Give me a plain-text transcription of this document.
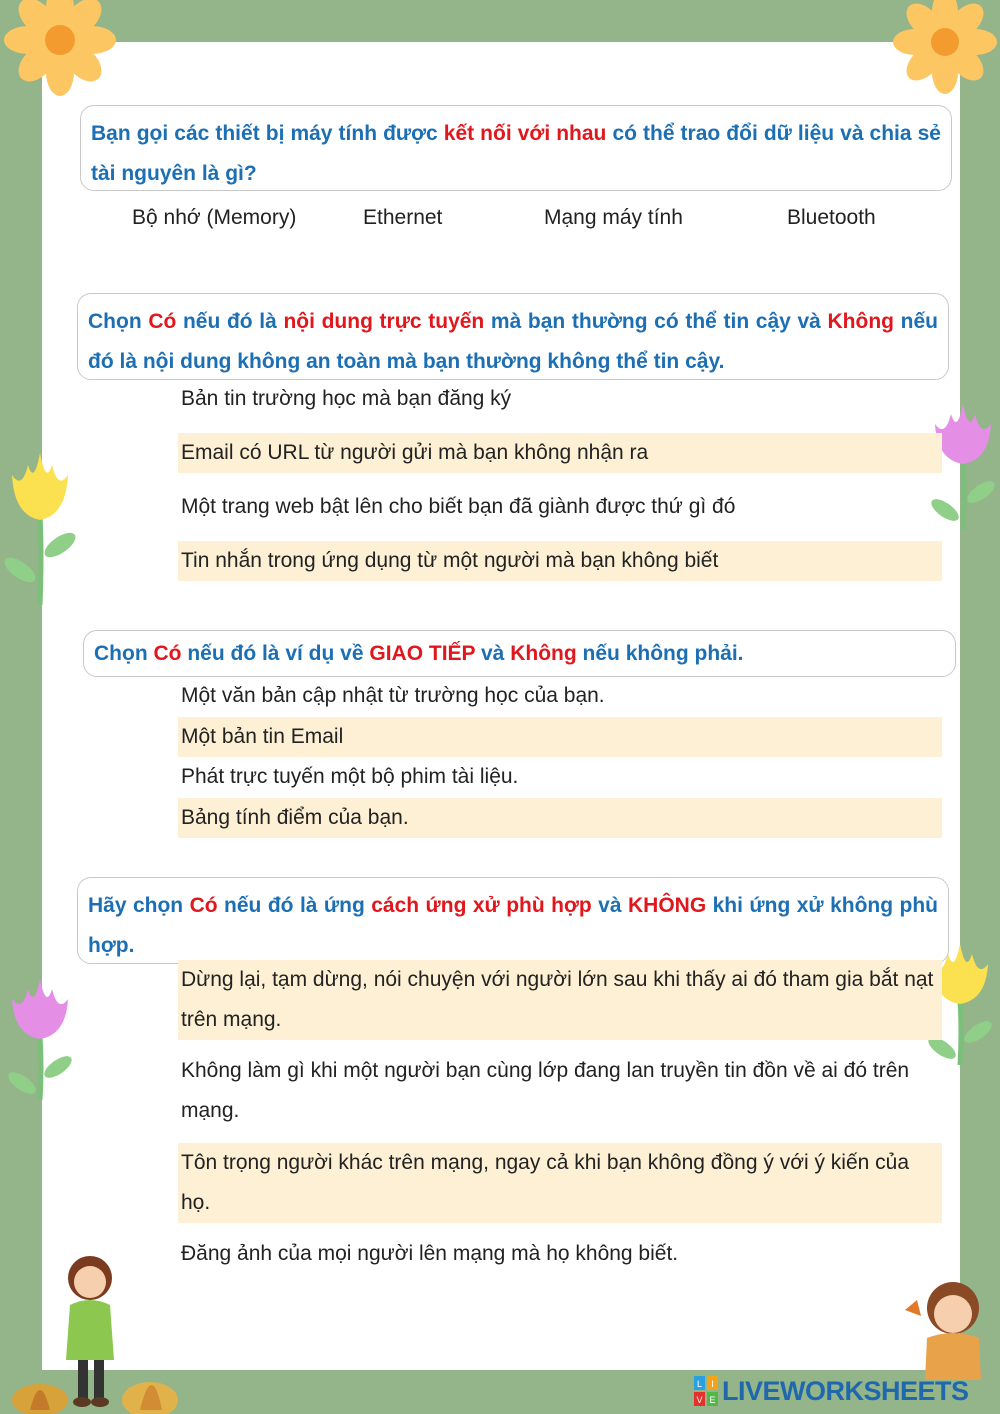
Bạn gọi các thiết bị máy tính được kết nối với nhau có thể trao đổi dữ liệu và chia sẻ tài nguyên là gì?

Bộ nhớ (Memory)	Ethernet	Mạng máy tính	Bluetooth

Chọn Có nếu đó là nội dung trực tuyến mà bạn thường có thể tin cậy và Không nếu đó là nội dung không an toàn mà bạn thường không thể tin cậy.

Bản tin trường học mà bạn đăng ký
Email có URL từ người gửi mà bạn không nhận ra
Một trang web bật lên cho biết bạn đã giành được thứ gì đó
Tin nhắn trong ứng dụng từ một người mà bạn không biết

Chọn Có nếu đó là ví dụ về GIAO TIẾP và Không nếu không phải.

Một văn bản cập nhật từ trường học của bạn.
Một bản tin Email
Phát trực tuyến một bộ phim tài liệu.
Bảng tính điểm của bạn.

Hãy chọn Có nếu đó là ứng cách ứng xử phù hợp và KHÔNG khi ứng xử không phù hợp.

Dừng lại, tạm dừng, nói chuyện với người lớn sau khi thấy ai đó tham gia bắt nạt trên mạng.
Không làm gì khi một người bạn cùng lớp đang lan truyền tin đồn về ai đó trên mạng.
Tôn trọng người khác trên mạng, ngay cả khi bạn không đồng ý với ý kiến của họ.
Đăng ảnh của mọi người lên mạng mà họ không biết.
L I
V E LIVEWORKSHEETS
